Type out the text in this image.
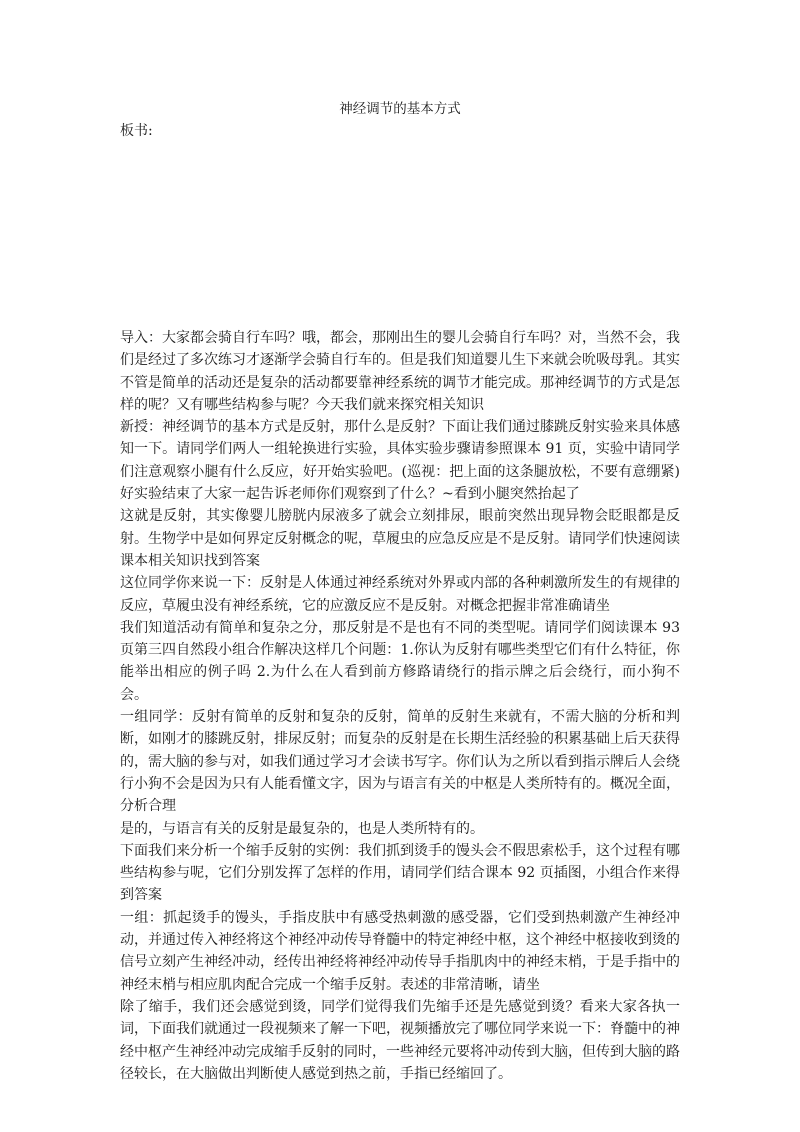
神经调节的基本方式
板书:

导入：大家都会骑自行车吗？哦，都会，那刚出生的婴儿会骑自行车吗？对，当然不会，我们是经过了多次练习才逐渐学会骑自行车的。但是我们知道婴儿生下来就会吮吸母乳。其实不管是简单的活动还是复杂的活动都要靠神经系统的调节才能完成。那神经调节的方式是怎样的呢？又有哪些结构参与呢？今天我们就来探究相关知识

新授：神经调节的基本方式是反射，那什么是反射？下面让我们通过膝跳反射实验来具体感知一下。请同学们两人一组轮换进行实验，具体实验步骤请参照课本 91 页，实验中请同学们注意观察小腿有什么反应，好开始实验吧。(巡视：把上面的这条腿放松，不要有意绷紧)好实验结束了大家一起告诉老师你们观察到了什么？~看到小腿突然抬起了

这就是反射，其实像婴儿膀胱内尿液多了就会立刻排尿，眼前突然出现异物会眨眼都是反射。生物学中是如何界定反射概念的呢，草履虫的应急反应是不是反射。请同学们快速阅读课本相关知识找到答案

这位同学你来说一下：反射是人体通过神经系统对外界或内部的各种刺激所发生的有规律的反应，草履虫没有神经系统，它的应激反应不是反射。对概念把握非常准确请坐

我们知道活动有简单和复杂之分，那反射是不是也有不同的类型呢。请同学们阅读课本 93 页第三四自然段小组合作解决这样几个问题：1.你认为反射有哪些类型它们有什么特征，你能举出相应的例子吗 2.为什么在人看到前方修路请绕行的指示牌之后会绕行，而小狗不会。

一组同学：反射有简单的反射和复杂的反射，简单的反射生来就有，不需大脑的分析和判断，如刚才的膝跳反射，排尿反射；而复杂的反射是在长期生活经验的积累基础上后天获得的，需大脑的参与对，如我们通过学习才会读书写字。你们认为之所以看到指示牌后人会绕行小狗不会是因为只有人能看懂文字，因为与语言有关的中枢是人类所特有的。概况全面，分析合理

是的，与语言有关的反射是最复杂的，也是人类所特有的。

下面我们来分析一个缩手反射的实例：我们抓到烫手的馒头会不假思索松手，这个过程有哪些结构参与呢，它们分别发挥了怎样的作用，请同学们结合课本 92 页插图，小组合作来得到答案

一组：抓起烫手的馒头，手指皮肤中有感受热刺激的感受器，它们受到热刺激产生神经冲动，并通过传入神经将这个神经冲动传导脊髓中的特定神经中枢，这个神经中枢接收到烫的信号立刻产生神经冲动，经传出神经将神经冲动传导手指肌肉中的神经末梢，于是手指中的神经末梢与相应肌肉配合完成一个缩手反射。表述的非常清晰，请坐

除了缩手，我们还会感觉到烫，同学们觉得我们先缩手还是先感觉到烫？看来大家各执一词，下面我们就通过一段视频来了解一下吧，视频播放完了哪位同学来说一下：脊髓中的神经中枢产生神经冲动完成缩手反射的同时，一些神经元要将冲动传到大脑，但传到大脑的路径较长，在大脑做出判断使人感觉到热之前，手指已经缩回了。
